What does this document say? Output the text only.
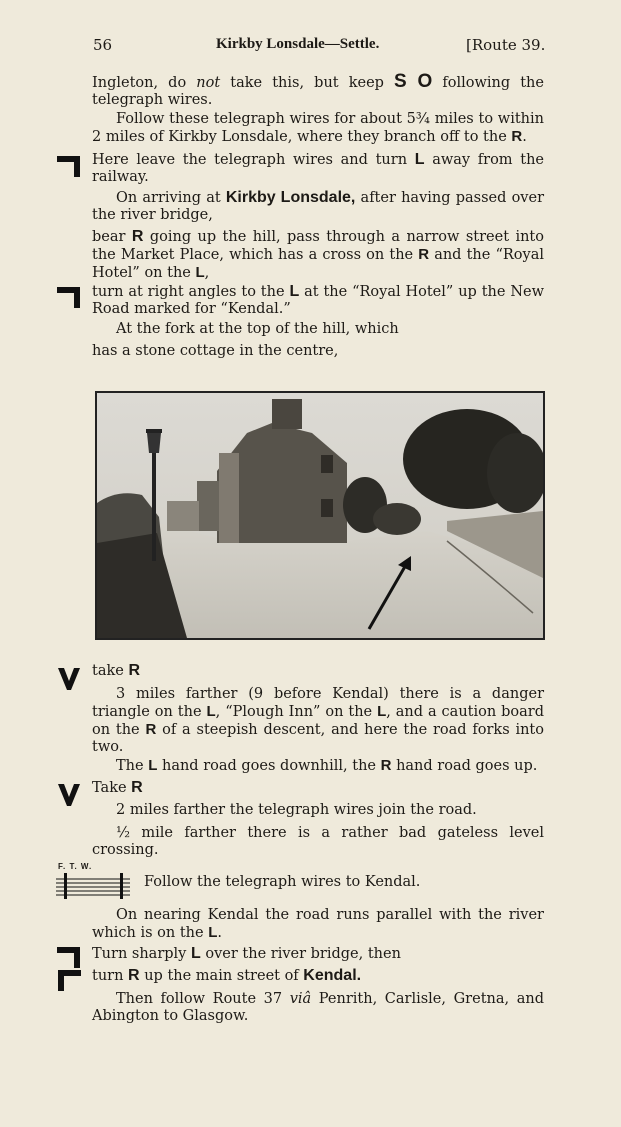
56	Kirkby Lonsdale—Settle.	[Route 39.
Ingleton, do not take this, but keep S O following the telegraph wires.
Follow these telegraph wires for about 5¾ miles to within 2 miles of Kirkby Lonsdale, where they branch off to the R.
Here leave the telegraph wires and turn L away from the railway.
On arriving at Kirkby Lonsdale, after having passed over the river bridge,
bear R going up the hill, pass through a narrow street into the Market Place, which has a cross on the R and the “Royal Hotel” on the L,
turn at right angles to the L at the “Royal Hotel” up the New Road marked for “Kendal.”
At the fork at the top of the hill, which
has a stone cottage in the centre,
take R
3 miles farther (9 before Kendal) there is a danger triangle on the L, “Plough Inn” on the L, and a caution board on the R of a steepish descent, and here the road forks into two.
The L hand road goes downhill, the R hand road goes up.
Take R
2 miles farther the telegraph wires join the road.
½ mile farther there is a rather bad gateless level crossing.
F. T. W.
Follow the telegraph wires to Kendal.
On nearing Kendal the road runs parallel with the river which is on the L.
Turn sharply L over the river bridge, then
turn R up the main street of Kendal.
Then follow Route 37 viâ Penrith, Carlisle, Gretna, and Abington to Glasgow.
